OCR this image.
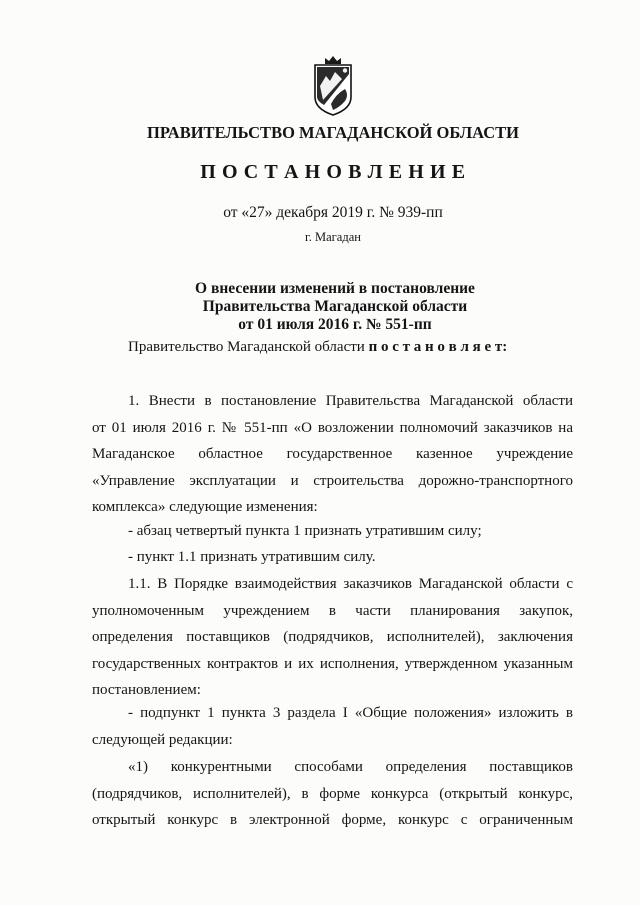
ПРАВИТЕЛЬСТВО МАГАДАНСКОЙ ОБЛАСТИ
П О С Т А Н О В Л Е Н И Е
от «27» декабря 2019 г. № 939-пп
г. Магадан
О внесении изменений в постановление
Правительства Магаданской области
от 01 июля 2016 г. № 551-пп
Правительство Магаданской области п о с т а н о в л я е т:
1. Внести в постановление Правительства Магаданской области
от 01 июля 2016 г. № 551-пп «О возложении полномочий заказчиков на
Магаданское областное государственное казенное учреждение
«Управление эксплуатации и строительства дорожно-транспортного
комплекса» следующие изменения:
- абзац четвертый пункта 1 признать утратившим силу;
- пункт 1.1 признать утратившим силу.
1.1. В Порядке взаимодействия заказчиков Магаданской области с
уполномоченным учреждением в части планирования закупок,
определения поставщиков (подрядчиков, исполнителей), заключения
государственных контрактов и их исполнения, утвержденном указанным
постановлением:
- подпункт 1 пункта 3 раздела I «Общие положения» изложить в
следующей редакции:
«1) конкурентными способами определения поставщиков
(подрядчиков, исполнителей), в форме конкурса (открытый конкурс,
открытый конкурс в электронной форме, конкурс с ограниченным
